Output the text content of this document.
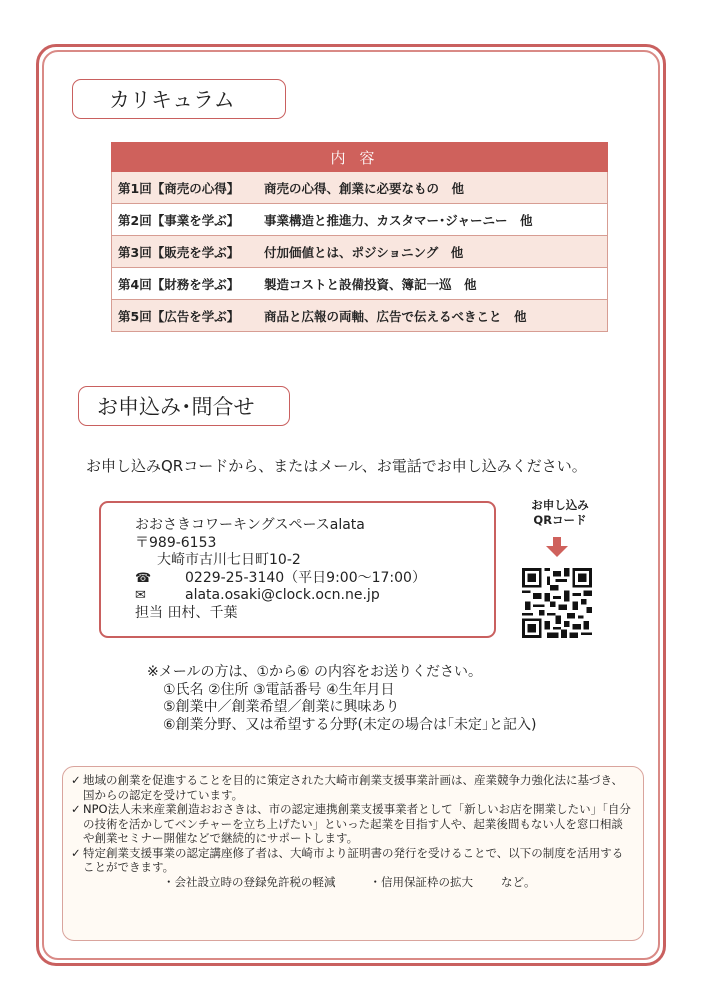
カリキュラム
内容
第1回【商売の心得】	商売の心得、創業に必要なもの　他
第2回【事業を学ぶ】	事業構造と推進力、カスタマー･ジャーニー　他
第3回【販売を学ぶ】	付加価値とは、ポジショニング　他
第4回【財務を学ぶ】	製造コストと設備投資、簿記一巡　他
第5回【広告を学ぶ】	商品と広報の両軸、広告で伝えるべきこと　他
お申込み･問合せ
お申し込みQRコードから、またはメール、お電話でお申し込みください。
おおさきコワーキングスペースalata
〒989-6153
大崎市古川七日町10-2
☎	0229-25-3140（平日9:00～17:00）
✉	alata.osaki@clock.ocn.ne.jp
担当 田村、千葉
お申し込み
QRコード
※メールの方は、①から⑥ の内容をお送りください。
①氏名 ②住所 ③電話番号 ④生年月日
⑤創業中／創業希望／創業に興味あり
⑥創業分野、又は希望する分野(未定の場合は｢未定｣と記入)
✓ 地域の創業を促進することを目的に策定された大崎市創業支援事業計画は、産業競争力強化法に基づき、国からの認定を受けています。
✓ NPO法人未来産業創造おおさきは、市の認定連携創業支援事業者として「新しいお店を開業したい」「自分の技術を活かしてベンチャーを立ち上げたい」といった起業を目指す人や、起業後間もない人を窓口相談や創業セミナー開催などで継続的にサポートします。
✓ 特定創業支援事業の認定講座修了者は、大崎市より証明書の発行を受けることで、以下の制度を活用することができます。
・会社設立時の登録免許税の軽減	・信用保証枠の拡大 など。
